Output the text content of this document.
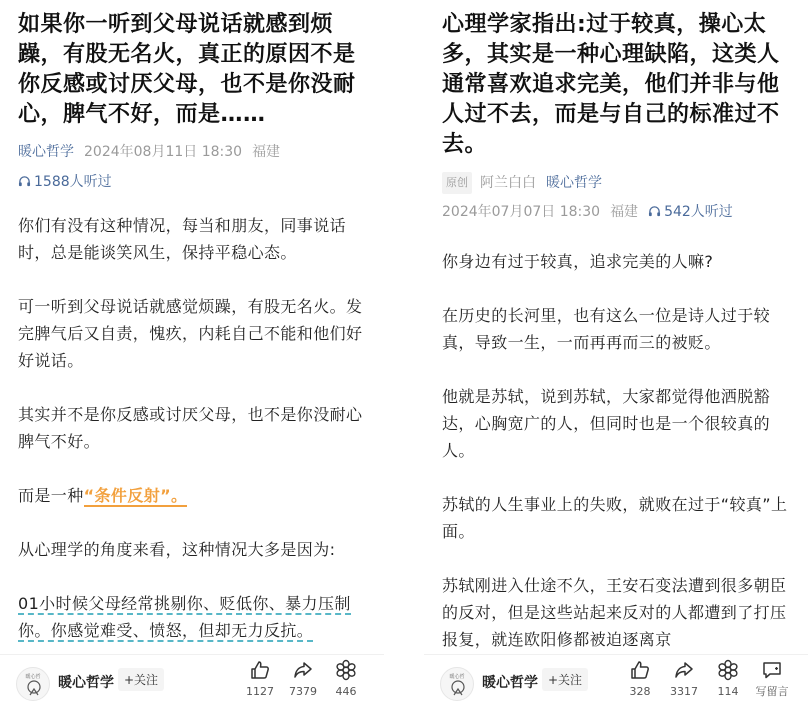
如果你一听到父母说话就感到烦躁，有股无名火，真正的原因不是你反感或讨厌父母，也不是你没耐心，脾气不好，而是……
暖心哲学 2024年08月11日 18:30 福建
1588人听过

你们有没有这种情况，每当和朋友，同事说话时，总是能谈笑风生，保持平稳心态。

可一听到父母说话就感觉烦躁，有股无名火。发完脾气后又自责，愧疚，内耗自己不能和他们好好说话。

其实并不是你反感或讨厌父母，也不是你没耐心脾气不好。

而是一种“条件反射”。

从心理学的角度来看，这种情况大多是因为:

01小时候父母经常挑剔你、贬低你、暴力压制你。你感觉难受、愤怒，但却无力反抗。

暖心哲	暖心哲学 +关注
1127	7379	446
心理学家指出:过于较真，操心太多，其实是一种心理缺陷，这类人通常喜欢追求完美，他们并非与他人过不去，而是与自己的标准过不去。
原创 阿兰白白 暖心哲学
2024年07月07日 18:30 福建 542人听过

你身边有过于较真，追求完美的人嘛?

在历史的长河里，也有这么一位是诗人过于较真，导致一生，一而再再而三的被贬。

他就是苏轼，说到苏轼，大家都觉得他洒脱豁达，心胸宽广的人，但同时也是一个很较真的人。

苏轼的人生事业上的失败，就败在过于“较真”上面。

苏轼刚进入仕途不久，王安石变法遭到很多朝臣的反对，但是这些站起来反对的人都遭到了打压报复，就连欧阳修都被迫逐离京

暖心哲	暖心哲学 +关注
328	3317	114	写留言
